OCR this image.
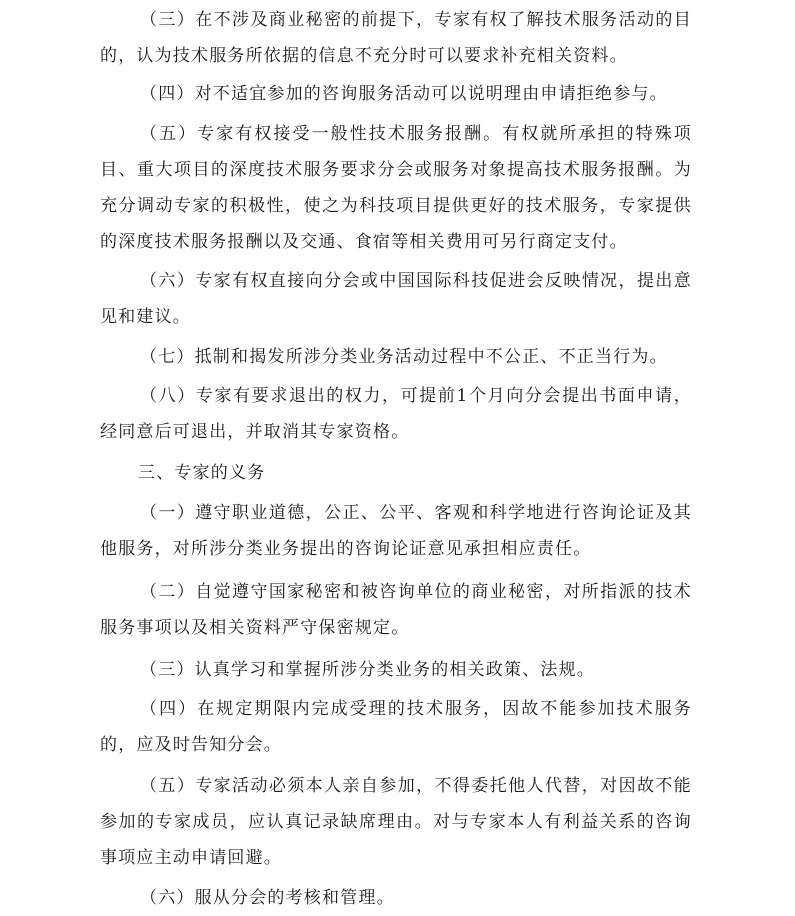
（三）在不涉及商业秘密的前提下，专家有权了解技术服务活动的目的，认为技术服务所依据的信息不充分时可以要求补充相关资料。

（四）对不适宜参加的咨询服务活动可以说明理由申请拒绝参与。

（五）专家有权接受一般性技术服务报酬。有权就所承担的特殊项目、重大项目的深度技术服务要求分会或服务对象提高技术服务报酬。为充分调动专家的积极性，使之为科技项目提供更好的技术服务，专家提供的深度技术服务报酬以及交通、食宿等相关费用可另行商定支付。

（六）专家有权直接向分会或中国国际科技促进会反映情况，提出意见和建议。

（七）抵制和揭发所涉分类业务活动过程中不公正、不正当行为。

（八）专家有要求退出的权力，可提前1个月向分会提出书面申请，经同意后可退出，并取消其专家资格。

三、专家的义务

（一）遵守职业道德，公正、公平、客观和科学地进行咨询论证及其他服务，对所涉分类业务提出的咨询论证意见承担相应责任。

（二）自觉遵守国家秘密和被咨询单位的商业秘密，对所指派的技术服务事项以及相关资料严守保密规定。

（三）认真学习和掌握所涉分类业务的相关政策、法规。

（四）在规定期限内完成受理的技术服务，因故不能参加技术服务的，应及时告知分会。

（五）专家活动必须本人亲自参加，不得委托他人代替，对因故不能参加的专家成员，应认真记录缺席理由。对与专家本人有利益关系的咨询事项应主动申请回避。

（六）服从分会的考核和管理。
